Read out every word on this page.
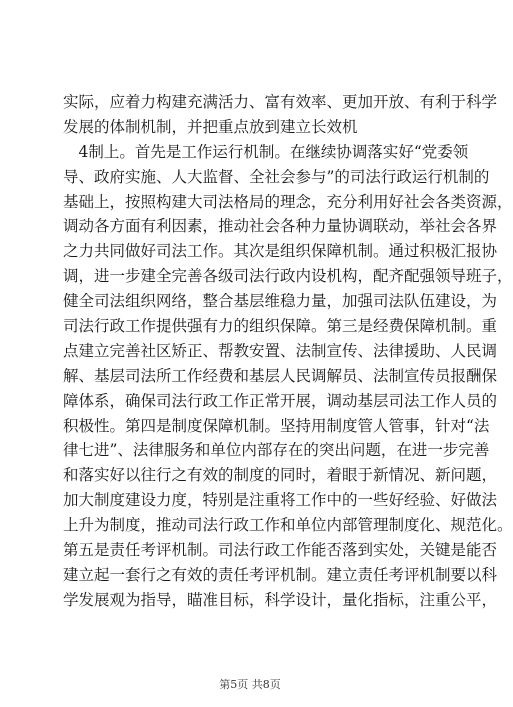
实际，应着力构建充满活力、富有效率、更加开放、有利于科学
发展的体制机制，并把重点放到建立长效机
　4制上。首先是工作运行机制。在继续协调落实好“党委领
导、政府实施、人大监督、全社会参与”的司法行政运行机制的
基础上，按照构建大司法格局的理念，充分利用好社会各类资源，
调动各方面有利因素，推动社会各种力量协调联动，举社会各界
之力共同做好司法工作。其次是组织保障机制。通过积极汇报协
调，进一步建全完善各级司法行政内设机构，配齐配强领导班子，
健全司法组织网络，整合基层维稳力量，加强司法队伍建设，为
司法行政工作提供强有力的组织保障。第三是经费保障机制。重
点建立完善社区矫正、帮教安置、法制宣传、法律援助、人民调
解、基层司法所工作经费和基层人民调解员、法制宣传员报酬保
障体系，确保司法行政工作正常开展，调动基层司法工作人员的
积极性。第四是制度保障机制。坚持用制度管人管事，针对“法
律七进”、法律服务和单位内部存在的突出问题，在进一步完善
和落实好以往行之有效的制度的同时，着眼于新情况、新问题，
加大制度建设力度，特别是注重将工作中的一些好经验、好做法
上升为制度，推动司法行政工作和单位内部管理制度化、规范化。
第五是责任考评机制。司法行政工作能否落到实处，关键是能否
建立起一套行之有效的责任考评机制。建立责任考评机制要以科
学发展观为指导，瞄准目标，科学设计，量化指标，注重公平，
第5页 共8页
